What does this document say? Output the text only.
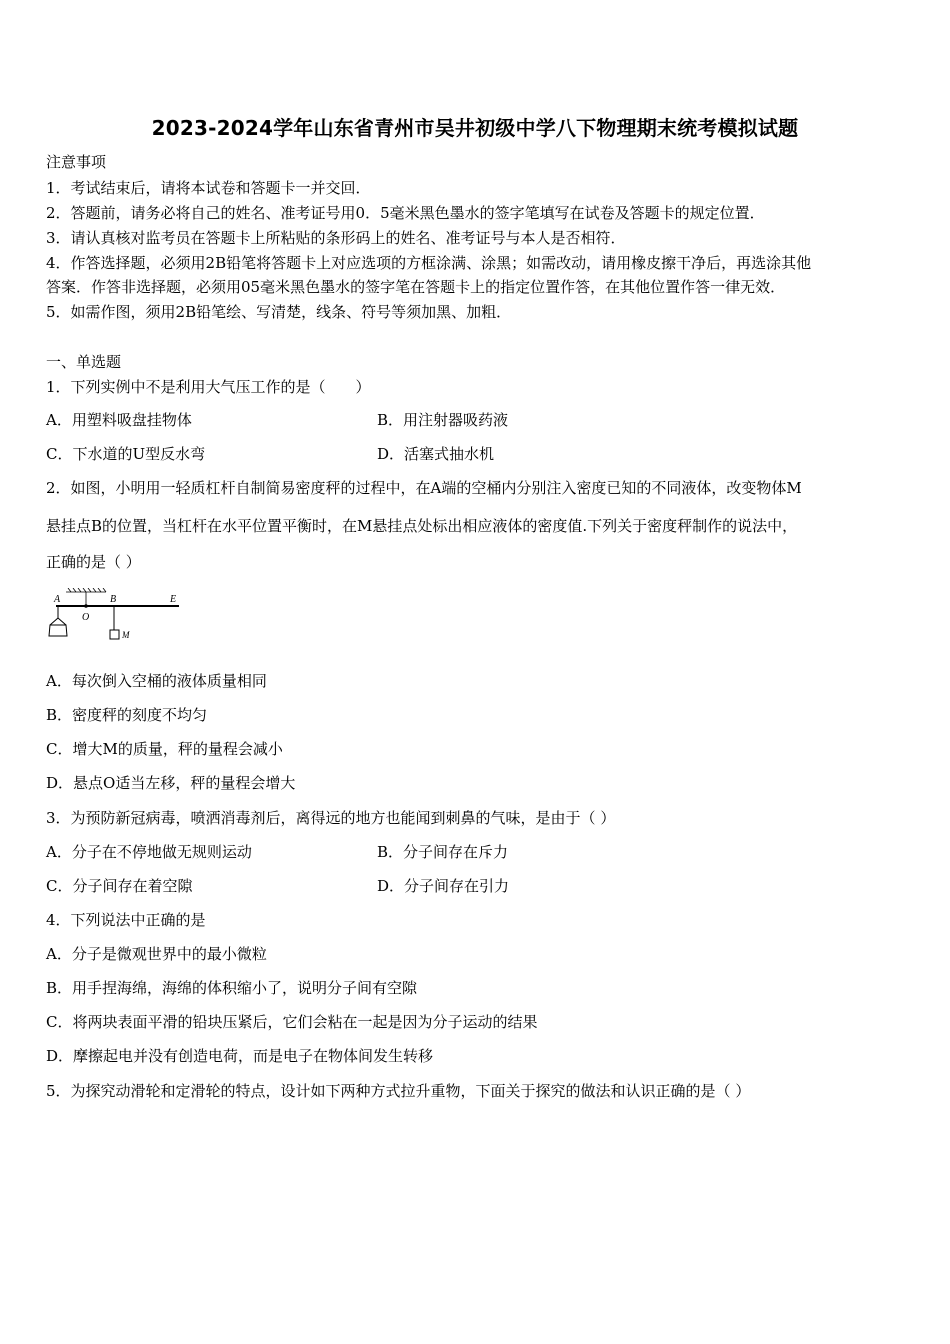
2023-2024学年山东省青州市吴井初级中学八下物理期末统考模拟试题
注意事项
1．考试结束后，请将本试卷和答题卡一并交回．
2．答题前，请务必将自己的姓名、准考证号用0．5毫米黑色墨水的签字笔填写在试卷及答题卡的规定位置．
3．请认真核对监考员在答题卡上所粘贴的条形码上的姓名、准考证号与本人是否相符．
4．作答选择题，必须用2B铅笔将答题卡上对应选项的方框涂满、涂黑；如需改动，请用橡皮擦干净后，再选涂其他
答案．作答非选择题，必须用05毫米黑色墨水的签字笔在答题卡上的指定位置作答，在其他位置作答一律无效．
5．如需作图，须用2B铅笔绘、写清楚，线条、符号等须加黑、加粗．
一、单选题
1．下列实例中不是利用大气压工作的是（　　）
A．用塑料吸盘挂物体	B．用注射器吸药液
C．下水道的U型反水弯	D．活塞式抽水机
2．如图，小明用一轻质杠杆自制简易密度秤的过程中，在A端的空桶内分别注入密度已知的不同液体，改变物体M
悬挂点B的位置，当杠杆在水平位置平衡时，在M悬挂点处标出相应液体的密度值.下列关于密度秤制作的说法中，
正确的是（ ）
A
O
B	E
M
A．每次倒入空桶的液体质量相同
B．密度秤的刻度不均匀
C．增大M的质量，秤的量程会减小
D．悬点O适当左移，秤的量程会增大
3．为预防新冠病毒，喷洒消毒剂后，离得远的地方也能闻到刺鼻的气味，是由于（ ）
A．分子在不停地做无规则运动	B．分子间存在斥力
C．分子间存在着空隙	D．分子间存在引力
4．下列说法中正确的是
A．分子是微观世界中的最小微粒
B．用手捏海绵，海绵的体积缩小了，说明分子间有空隙
C．将两块表面平滑的铅块压紧后，它们会粘在一起是因为分子运动的结果
D．摩擦起电并没有创造电荷，而是电子在物体间发生转移
5．为探究动滑轮和定滑轮的特点，设计如下两种方式拉升重物，下面关于探究的做法和认识正确的是（ ）
